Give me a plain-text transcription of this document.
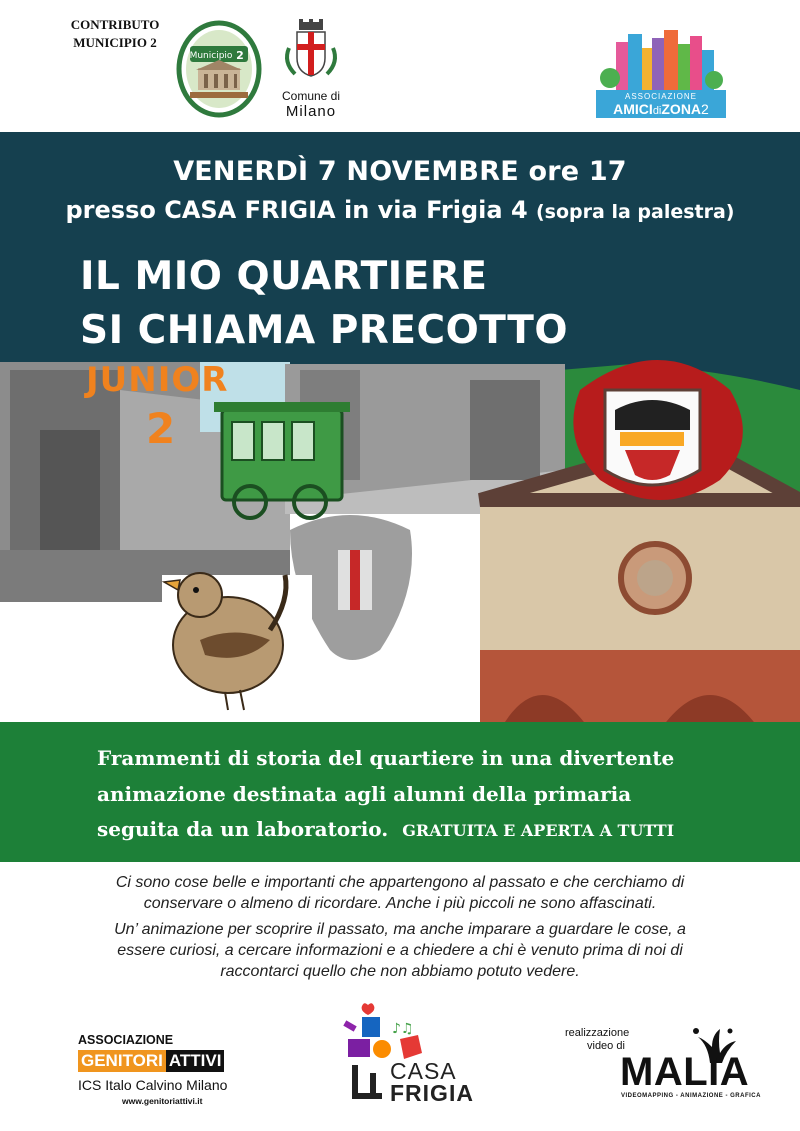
CONTRIBUTO MUNICIPIO 2
Municipio 2
Comune di
Milano
ASSOCIAZIONE
AMICIdiZONA2
VENERDÌ 7 NOVEMBRE ore 17
presso CASA FRIGIA in via Frigia 4 (sopra la palestra)
IL MIO QUARTIERE
SI CHIAMA PRECOTTO
JUNIOR
2
Frammenti di storia del quartiere in una divertente
animazione destinata agli alunni della primaria
seguita da un laboratorio. GRATUITA E APERTA A TUTTI
Ci sono cose belle e importanti che appartengono al passato e che cerchiamo di
conservare o almeno di ricordare. Anche i più piccoli ne sono affascinati.
Un’ animazione per scoprire il passato, ma anche imparare a guardare le cose, a
essere curiosi, a cercare informazioni e a chiedere a chi è venuto prima di noi di
raccontarci quello che non abbiamo potuto vedere.
ASSOCIAZIONE
GENITORI ATTIVI
ICS Italo Calvino Milano
www.genitoriattivi.it
♪♫
CASA
FRIGIA
realizzazione
video di
MALIA
VIDEOMAPPING - ANIMAZIONE - GRAFICA
